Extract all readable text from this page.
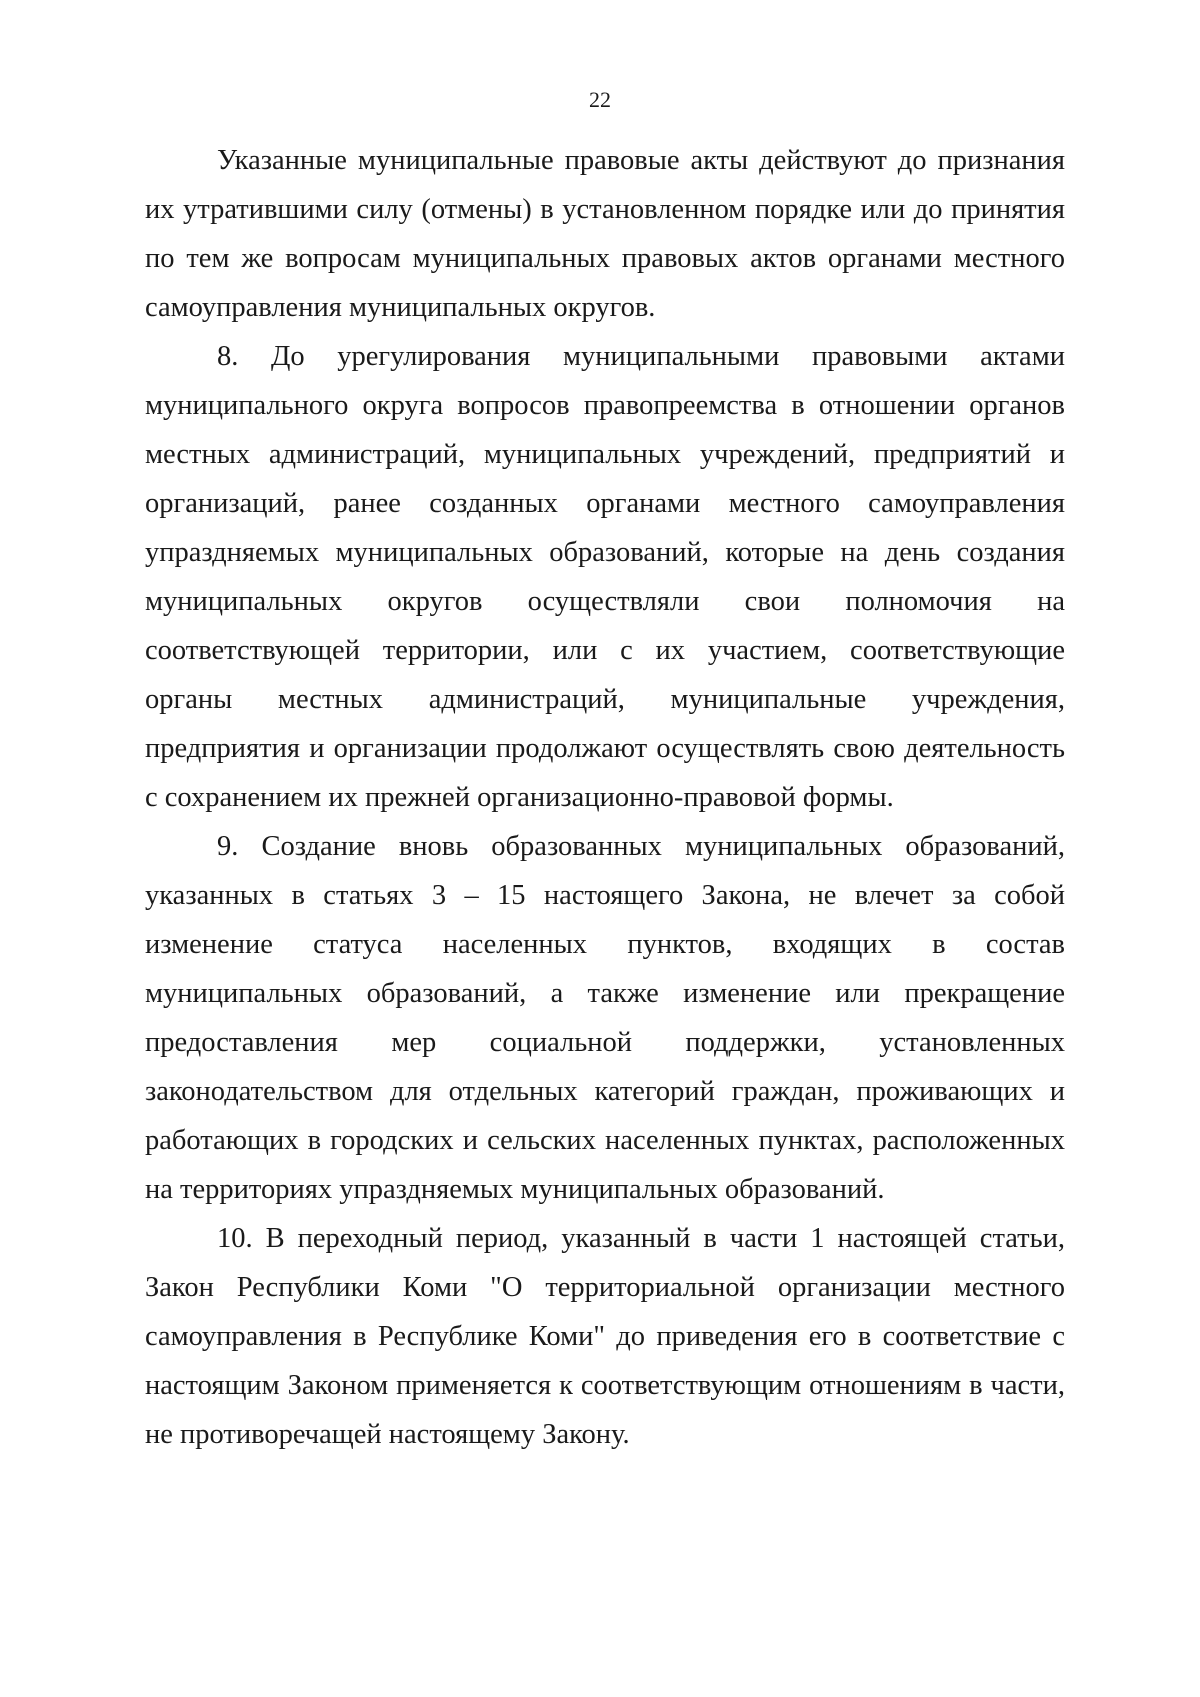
22

Указанные муниципальные правовые акты действуют до признания их утратившими силу (отмены) в установленном порядке или до принятия по тем же вопросам муниципальных правовых актов органами местного самоуправления муниципальных округов.

8. До урегулирования муниципальными правовыми актами муниципального округа вопросов правопреемства в отношении органов местных администраций, муниципальных учреждений, предприятий и организаций, ранее созданных органами местного самоуправления упраздняемых муниципальных образований, которые на день создания муниципальных округов осуществляли свои полномочия на соответствующей территории, или с их участием, соответствующие органы местных администраций, муниципальные учреждения, предприятия и организации продолжают осуществлять свою деятельность с сохранением их прежней организационно-правовой формы.

9. Создание вновь образованных муниципальных образований, указанных в статьях 3 – 15 настоящего Закона, не влечет за собой изменение статуса населенных пунктов, входящих в состав муниципальных образований, а также изменение или прекращение предоставления мер социальной поддержки, установленных законодательством для отдельных категорий граждан, проживающих и работающих в городских и сельских населенных пунктах, расположенных на территориях упраздняемых муниципальных образований.

10. В переходный период, указанный в части 1 настоящей статьи, Закон Республики Коми "О территориальной организации местного самоуправления в Республике Коми" до приведения его в соответствие с настоящим Законом применяется к соответствующим отношениям в части, не противоречащей настоящему Закону.
